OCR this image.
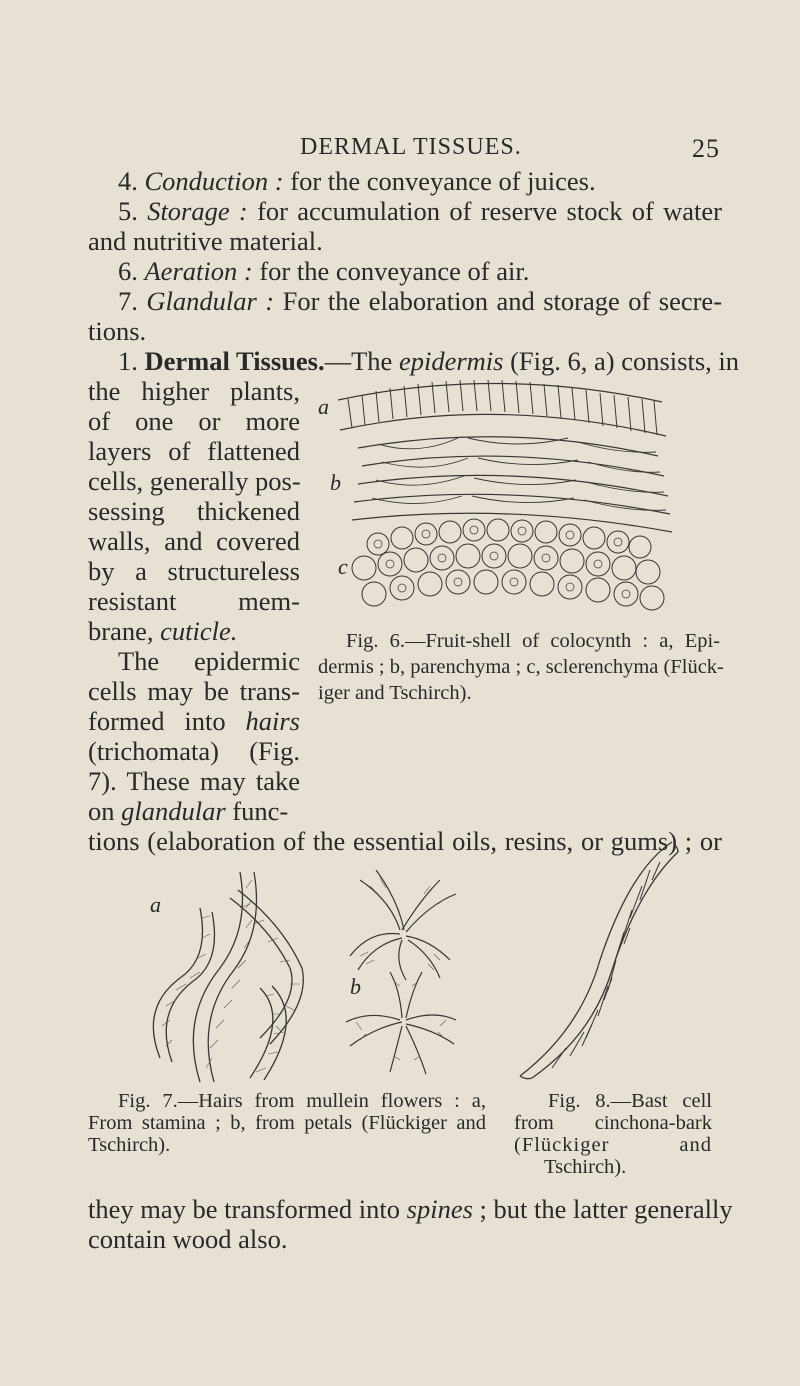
DERMAL TISSUES.	25
4. Conduction : for the conveyance of juices.
5. Storage : for accumulation of reserve stock of water
and nutritive material.
6. Aeration : for the conveyance of air.
7. Glandular : For the elaboration and storage of secre-
tions.
1. Dermal Tissues.—The epidermis (Fig. 6, a) consists, in
the higher plants,
of one or more
layers of flattened
cells, generally pos-
sessing thickened
walls, and covered
by a structureless
resistant mem-
brane, cuticle.
The epidermic
cells may be trans-
formed into hairs
(trichomata) (Fig.
7). These may take
on glandular func-
tions (elaboration of the essential oils, resins, or gums) ; or
a
b
c
Fig. 6.—Fruit-shell of colocynth : a, Epi-
dermis ; b, parenchyma ; c, sclerenchyma (Flück-
iger and Tschirch).
a
b
Fig. 7.—Hairs from mullein flowers : a,
From stamina ; b, from petals (Flückiger and
Tschirch).
Fig. 8.—Bast cell
from cinchona-bark
(Flückiger and
Tschirch).
they may be transformed into spines ; but the latter generally
contain wood also.
